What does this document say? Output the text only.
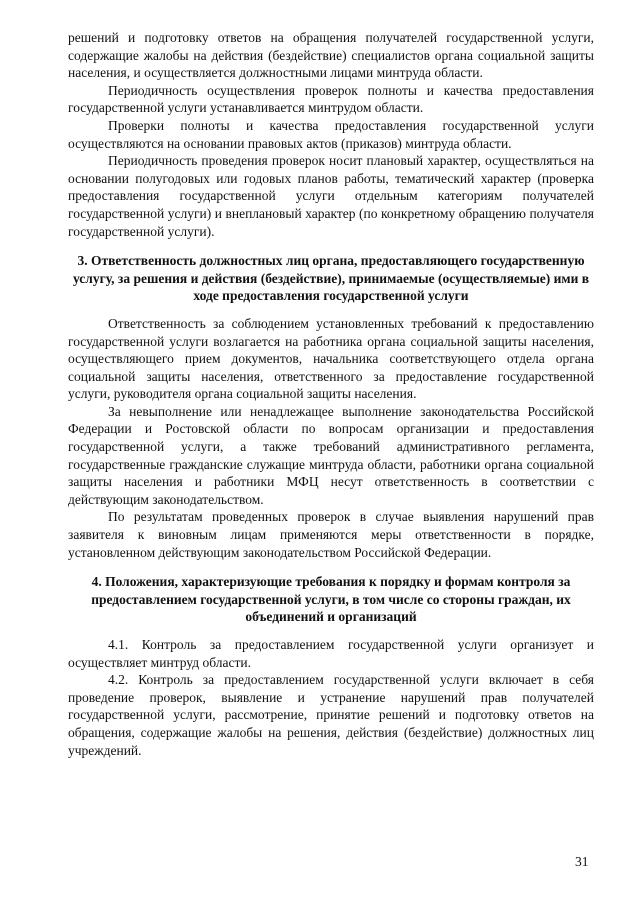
решений и подготовку ответов на обращения получателей государственной услуги, содержащие жалобы на действия (бездействие) специалистов органа социальной защиты населения, и осуществляется должностными лицами минтруда области.

Периодичность осуществления проверок полноты и качества предоставления государственной услуги устанавливается минтрудом области.

Проверки полноты и качества предоставления государственной услуги осуществляются на основании правовых актов (приказов) минтруда области.

Периодичность проведения проверок носит плановый характер, осуществляться на основании полугодовых или годовых планов работы, тематический характер (проверка предоставления государственной услуги отдельным категориям получателей государственной услуги) и внеплановый характер (по конкретному обращению получателя государственной услуги).

3. Ответственность должностных лиц органа, предоставляющего государственную услугу, за решения и действия (бездействие), принимаемые (осуществляемые) ими в ходе предоставления государственной услуги

Ответственность за соблюдением установленных требований к предоставлению государственной услуги возлагается на работника органа социальной защиты населения, осуществляющего прием документов, начальника соответствующего отдела органа социальной защиты населения, ответственного за предоставление государственной услуги, руководителя органа социальной защиты населения.

За невыполнение или ненадлежащее выполнение законодательства Российской Федерации и Ростовской области по вопросам организации и предоставления государственной услуги, а также требований административного регламента, государственные гражданские служащие минтруда области, работники органа социальной защиты населения и работники МФЦ несут ответственность в соответствии с действующим законодательством.

По результатам проведенных проверок в случае выявления нарушений прав заявителя к виновным лицам применяются меры ответственности в порядке, установленном действующим законодательством Российской Федерации.

4. Положения, характеризующие требования к порядку и формам контроля за предоставлением государственной услуги, в том числе со стороны граждан, их объединений и организаций

4.1. Контроль за предоставлением государственной услуги организует и осуществляет минтруд области.

4.2. Контроль за предоставлением государственной услуги включает в себя проведение проверок, выявление и устранение нарушений прав получателей государственной услуги, рассмотрение, принятие решений и подготовку ответов на обращения, содержащие жалобы на решения, действия (бездействие) должностных лиц учреждений.

31
